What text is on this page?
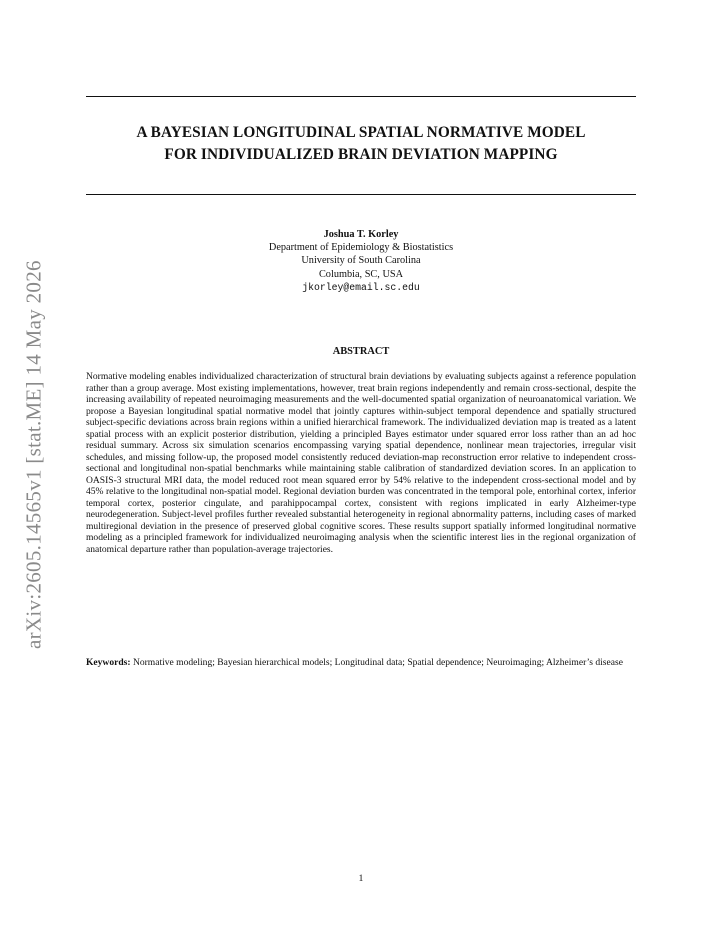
arXiv:2605.14565v1 [stat.ME] 14 May 2026
A BAYESIAN LONGITUDINAL SPATIAL NORMATIVE MODEL
FOR INDIVIDUALIZED BRAIN DEVIATION MAPPING
Joshua T. Korley
Department of Epidemiology & Biostatistics
University of South Carolina
Columbia, SC, USA
jkorley@email.sc.edu
ABSTRACT
Normative modeling enables individualized characterization of structural brain deviations by evaluating subjects against a reference population rather than a group average. Most existing implementations, however, treat brain regions independently and remain cross-sectional, despite the increasing availability of repeated neuroimaging measurements and the well-documented spatial organization of neuroanatomical variation. We propose a Bayesian longitudinal spatial normative model that jointly captures within-subject temporal dependence and spatially structured subject-specific deviations across brain regions within a unified hierarchical framework. The individualized deviation map is treated as a latent spatial process with an explicit posterior distribution, yielding a principled Bayes estimator under squared error loss rather than an ad hoc residual summary. Across six simulation scenarios encompassing varying spatial dependence, nonlinear mean trajectories, irregular visit schedules, and missing follow-up, the proposed model consistently reduced deviation-map reconstruction error relative to independent cross-sectional and longitudinal non-spatial benchmarks while maintaining stable calibration of standardized deviation scores. In an application to OASIS-3 structural MRI data, the model reduced root mean squared error by 54% relative to the independent cross-sectional model and by 45% relative to the longitudinal non-spatial model. Regional deviation burden was concentrated in the temporal pole, entorhinal cortex, inferior temporal cortex, posterior cingulate, and parahippocampal cortex, consistent with regions implicated in early Alzheimer-type neurodegeneration. Subject-level profiles further revealed substantial heterogeneity in regional abnormality patterns, including cases of marked multiregional deviation in the presence of preserved global cognitive scores. These results support spatially informed longitudinal normative modeling as a principled framework for individualized neuroimaging analysis when the scientific interest lies in the regional organization of anatomical departure rather than population-average trajectories.
Keywords: Normative modeling; Bayesian hierarchical models; Longitudinal data; Spatial dependence; Neuroimaging; Alzheimer’s disease
1
